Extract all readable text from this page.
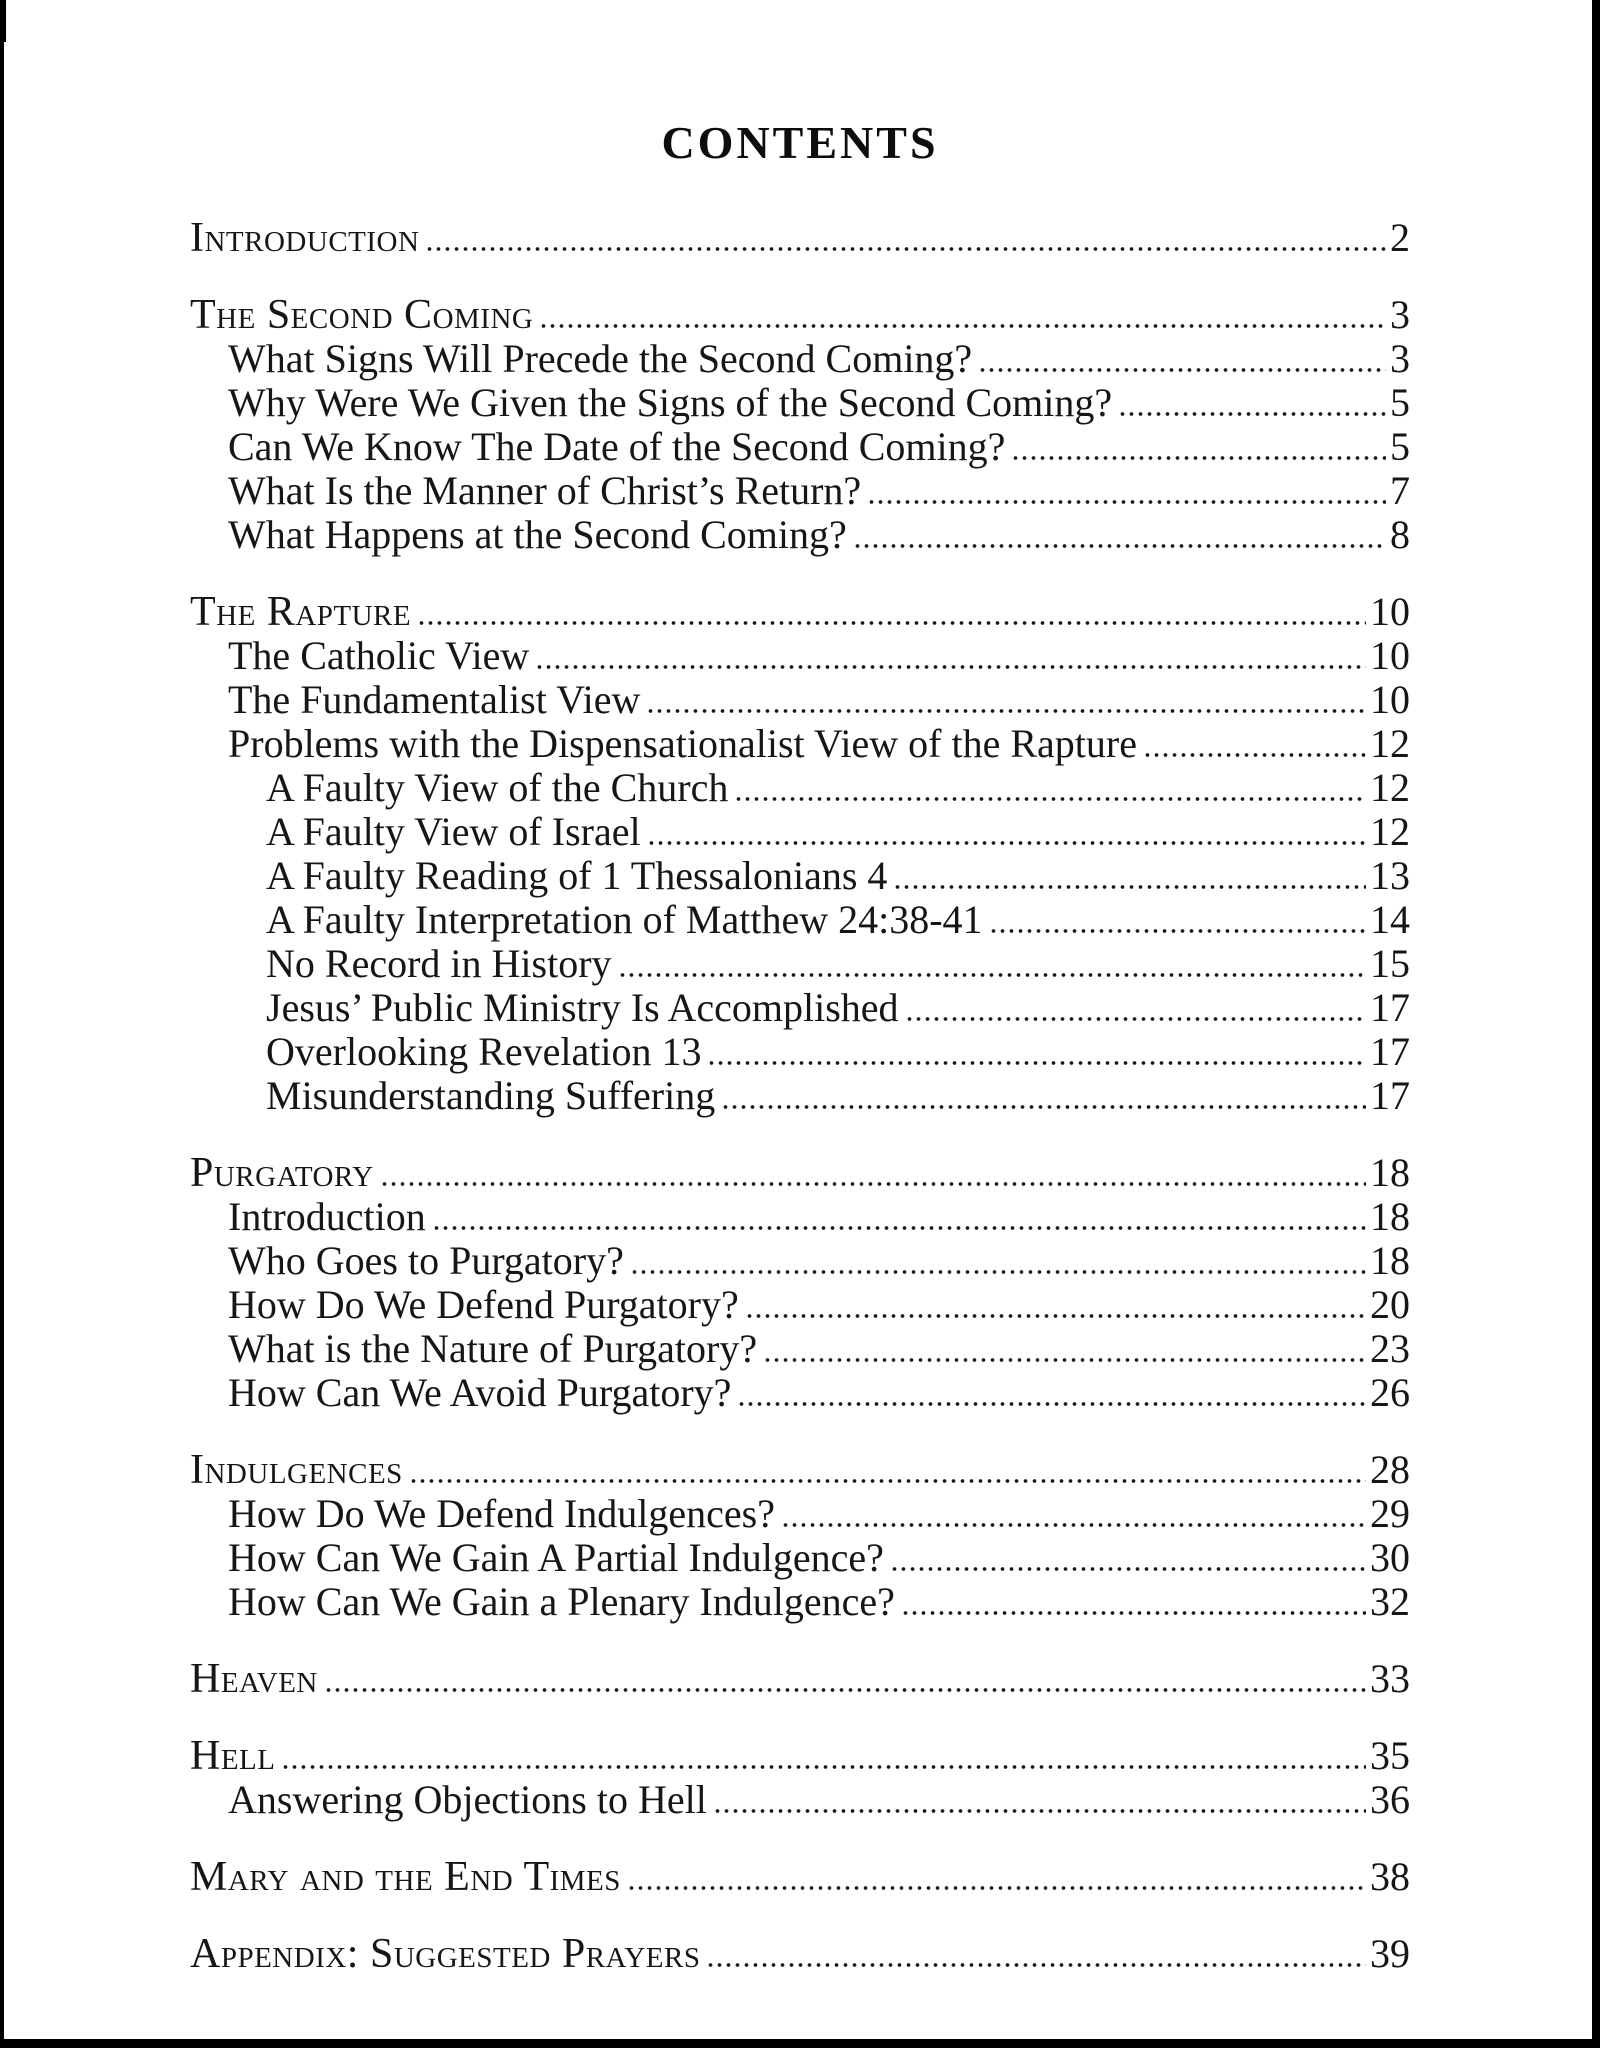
CONTENTS
Introduction	2
The Second Coming	3
What Signs Will Precede the Second Coming?	3
Why Were We Given the Signs of the Second Coming?	5
Can We Know The Date of the Second Coming?	5
What Is the Manner of Christ’s Return?	7
What Happens at the Second Coming?	8
The Rapture	10
The Catholic View	10
The Fundamentalist View	10
Problems with the Dispensationalist View of the Rapture	12
A Faulty View of the Church	12
A Faulty View of Israel	12
A Faulty Reading of 1 Thessalonians 4	13
A Faulty Interpretation of Matthew 24:38-41	14
No Record in History	15
Jesus’ Public Ministry Is Accomplished	17
Overlooking Revelation 13	17
Misunderstanding Suffering	17
Purgatory	18
Introduction	18
Who Goes to Purgatory?	18
How Do We Defend Purgatory?	20
What is the Nature of Purgatory?	23
How Can We Avoid Purgatory?	26
Indulgences	28
How Do We Defend Indulgences?	29
How Can We Gain A Partial Indulgence?	30
How Can We Gain a Plenary Indulgence?	32
Heaven	33
Hell	35
Answering Objections to Hell	36
Mary and the End Times	38
Appendix: Suggested Prayers	39
